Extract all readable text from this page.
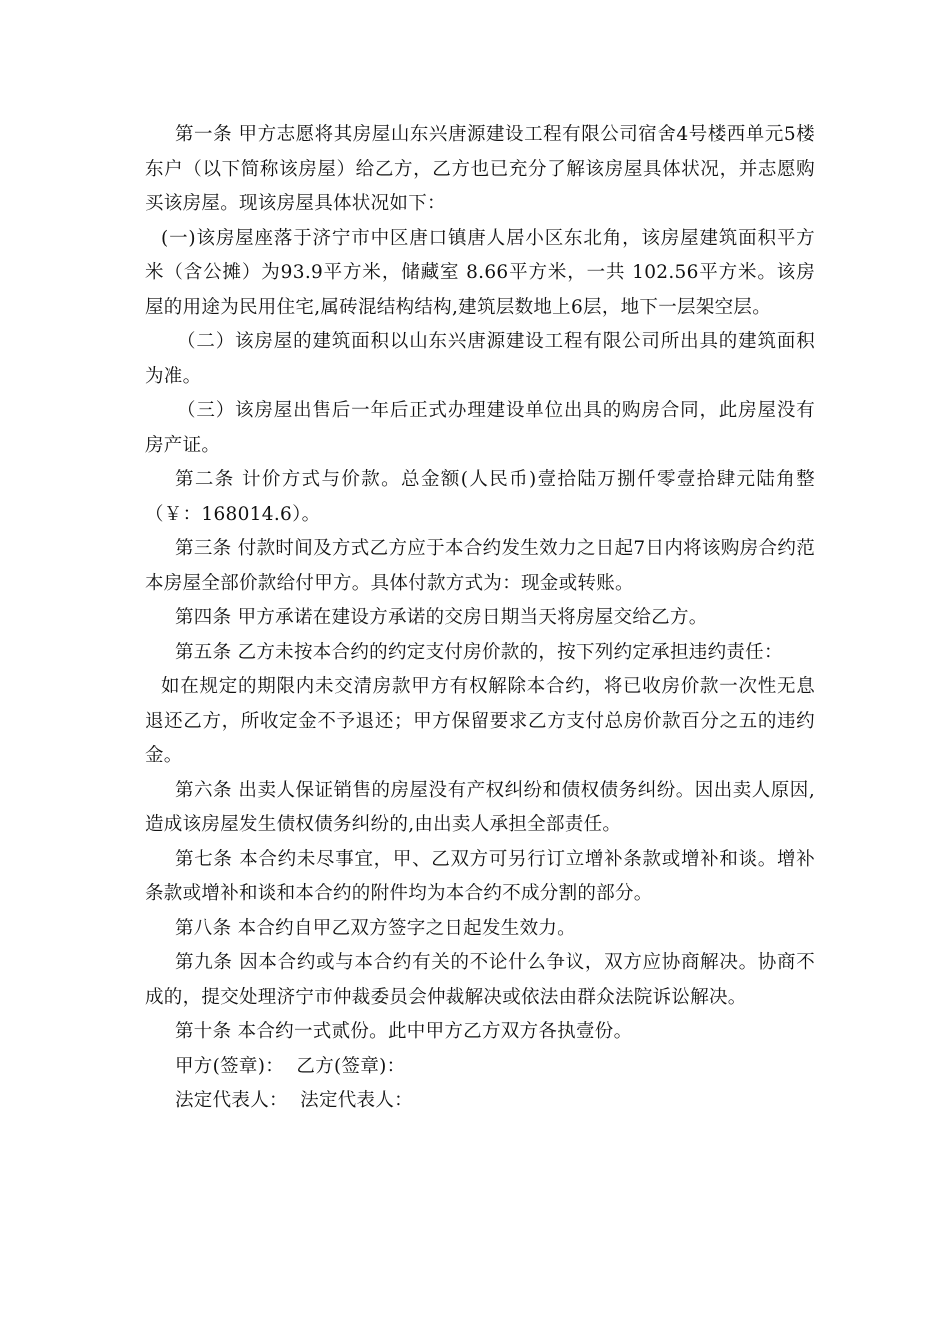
第一条 甲方志愿将其房屋山东兴唐源建设工程有限公司宿舍4号楼西单元5楼东户（以下简称该房屋）给乙方，乙方也已充分了解该房屋具体状况，并志愿购买该房屋。现该房屋具体状况如下：

(一)该房屋座落于济宁市中区唐口镇唐人居小区东北角，该房屋建筑面积平方米（含公摊）为93.9平方米，储藏室 8.66平方米，一共 102.56平方米。该房屋的用途为民用住宅,属砖混结构结构,建筑层数地上6层，地下一层架空层。

（二）该房屋的建筑面积以山东兴唐源建设工程有限公司所出具的建筑面积为准。

（三）该房屋出售后一年后正式办理建设单位出具的购房合同，此房屋没有房产证。

第二条 计价方式与价款。总金额(人民币)壹拾陆万捌仟零壹拾肆元陆角整（￥：168014.6）。

第三条 付款时间及方式乙方应于本合约发生效力之日起7日内将该购房合约范本房屋全部价款给付甲方。具体付款方式为：现金或转账。

第四条 甲方承诺在建设方承诺的交房日期当天将房屋交给乙方。

第五条 乙方未按本合约的约定支付房价款的，按下列约定承担违约责任：

如在规定的期限内未交清房款甲方有权解除本合约，将已收房价款一次性无息退还乙方，所收定金不予退还；甲方保留要求乙方支付总房价款百分之五的违约金。

第六条 出卖人保证销售的房屋没有产权纠纷和债权债务纠纷。因出卖人原因,造成该房屋发生债权债务纠纷的,由出卖人承担全部责任。

第七条 本合约未尽事宜，甲、乙双方可另行订立增补条款或增补和谈。增补条款或增补和谈和本合约的附件均为本合约不成分割的部分。

第八条 本合约自甲乙双方签字之日起发生效力。

第九条 因本合约或与本合约有关的不论什么争议，双方应协商解决。协商不成的，提交处理济宁市仲裁委员会仲裁解决或依法由群众法院诉讼解决。

第十条 本合约一式贰份。此中甲方乙方双方各执壹份。

甲方(签章)：  乙方(签章)：

法定代表人：  法定代表人：
